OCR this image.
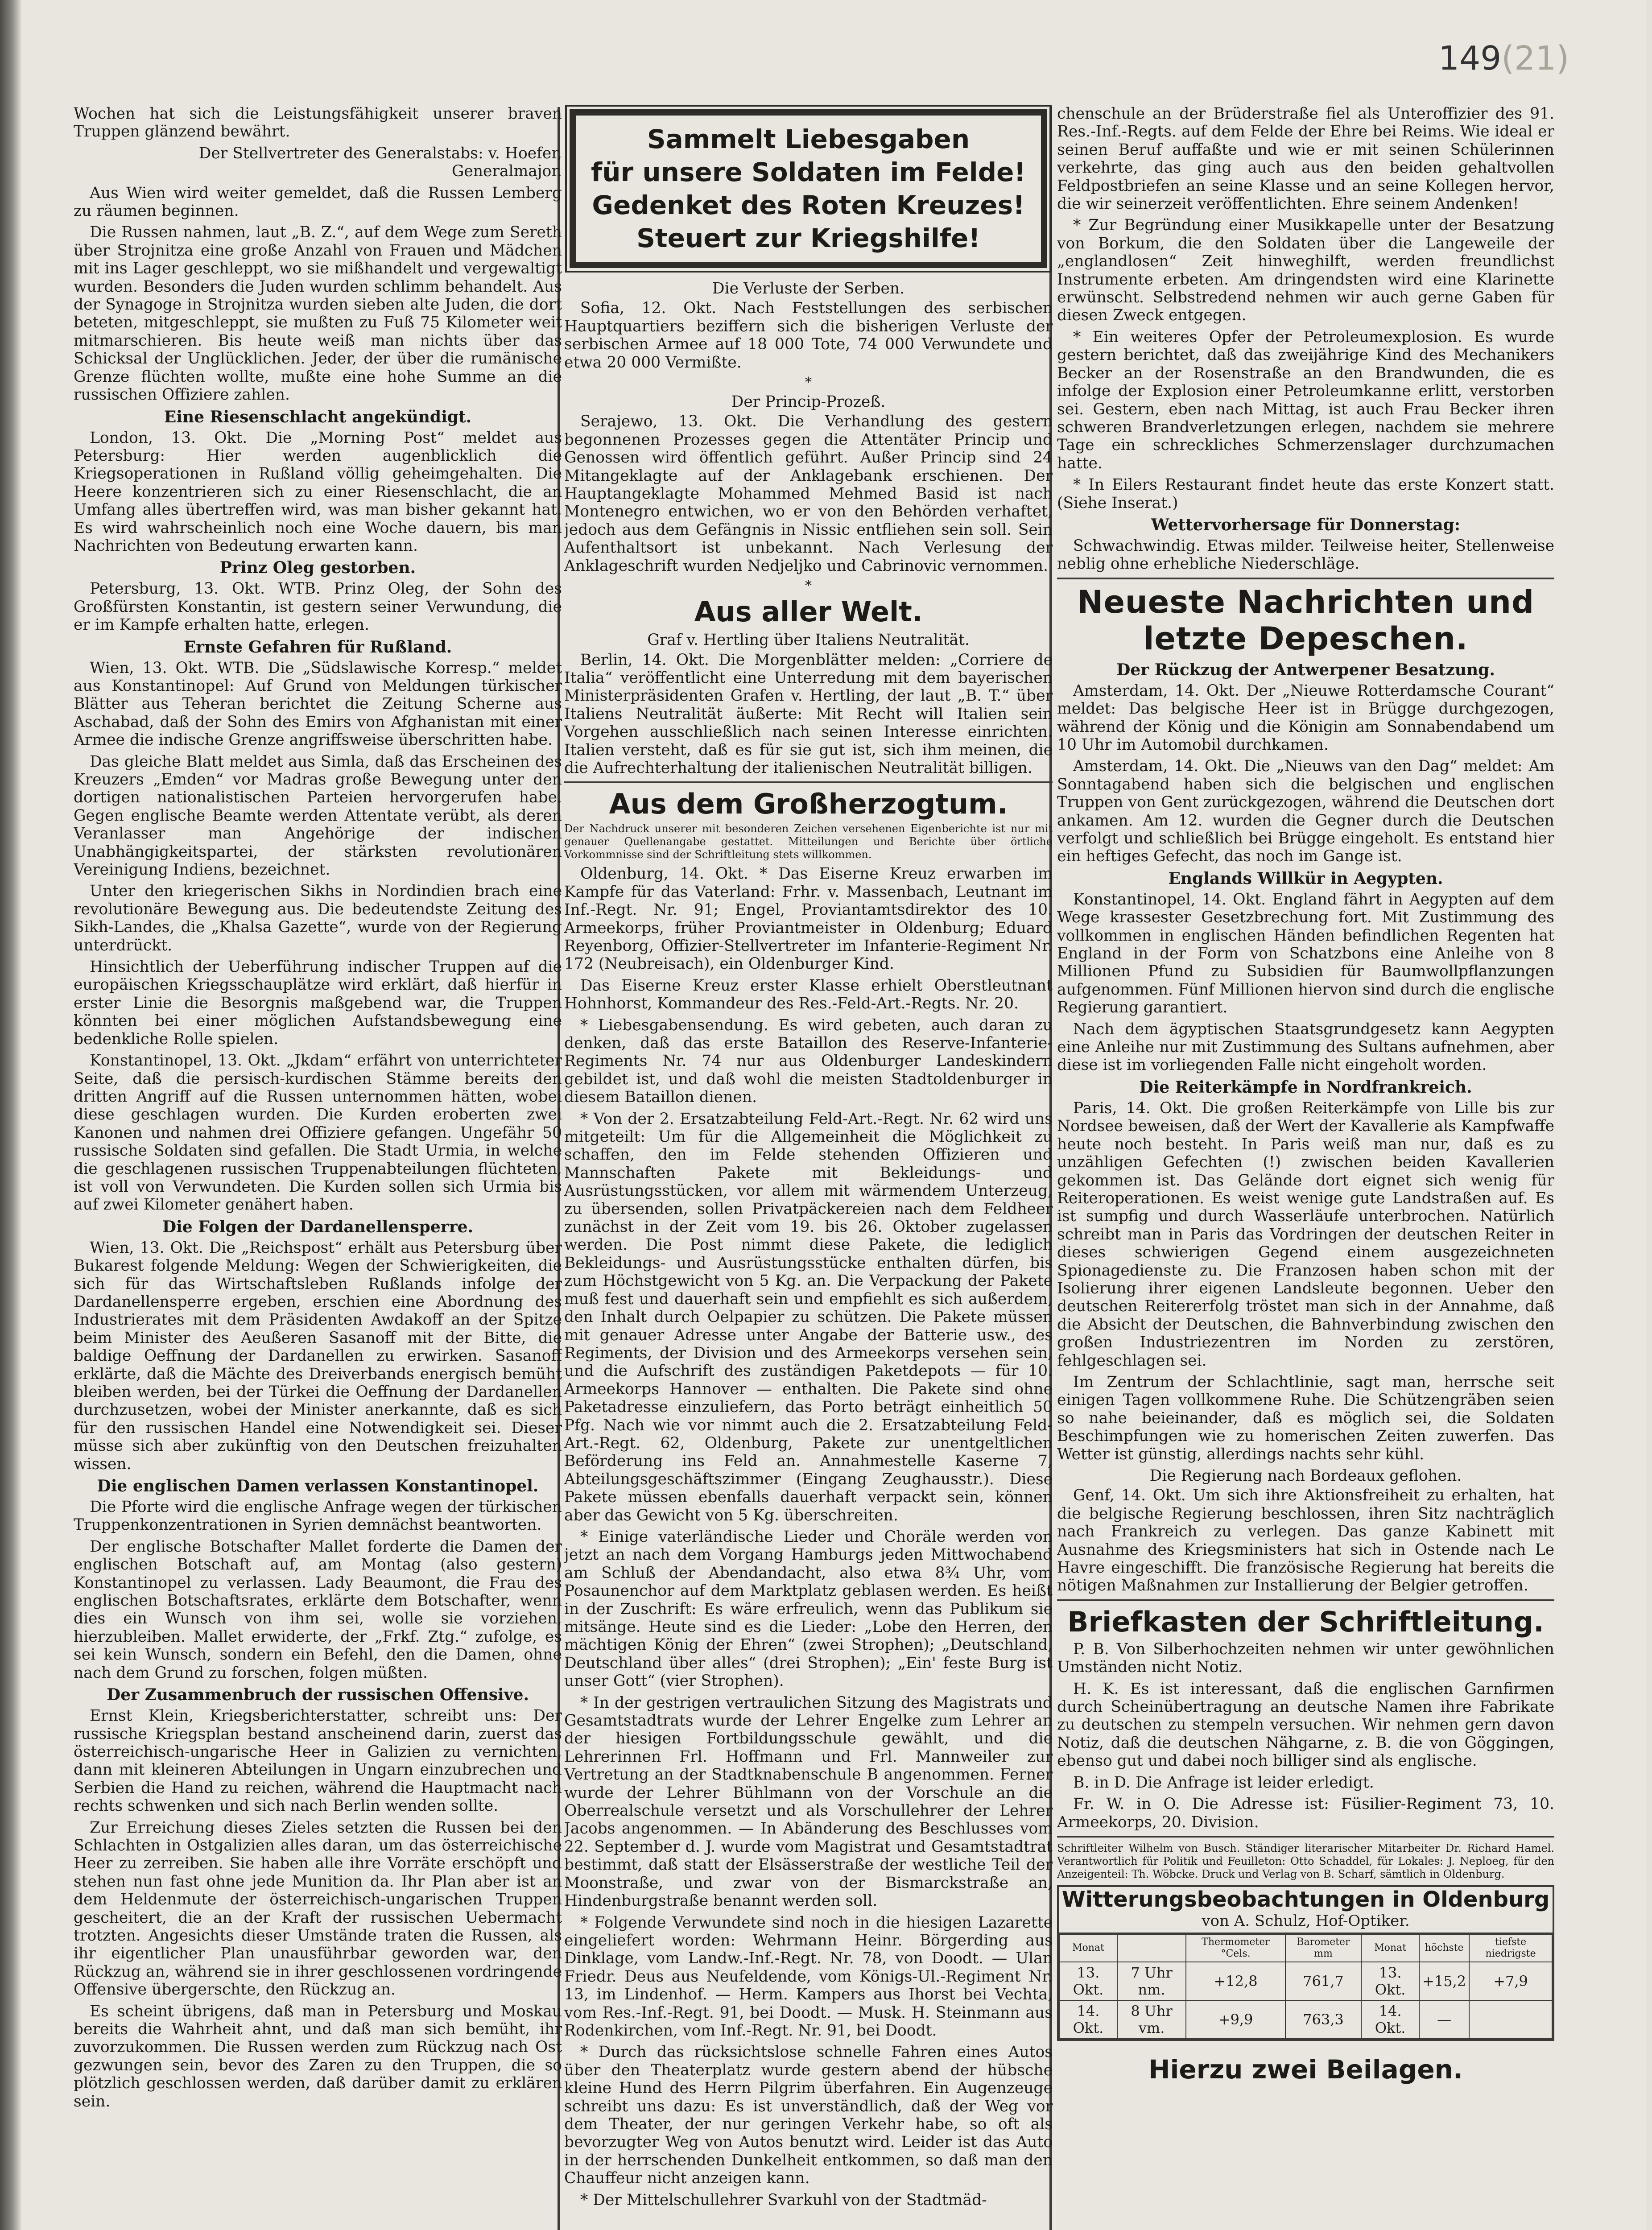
149(21)

Wochen hat sich die Leistungsfähigkeit unserer braven Truppen glänzend bewährt.

Der Stellvertreter des Generalstabs: v. Hoefer, Generalmajor.

Aus Wien wird weiter gemeldet, daß die Russen Lemberg zu räumen beginnen.

Die Russen nahmen, laut „B. Z.“, auf dem Wege zum Sereth über Strojnitza eine große Anzahl von Frauen und Mädchen mit ins Lager geschleppt, wo sie mißhandelt und vergewaltigt wurden. Besonders die Juden wurden schlimm behandelt. Aus der Synagoge in Strojnitza wurden sieben alte Juden, die dort beteten, mitgeschleppt, sie mußten zu Fuß 75 Kilometer weit mitmarschieren. Bis heute weiß man nichts über das Schicksal der Unglücklichen. Jeder, der über die rumänische Grenze flüchten wollte, mußte eine hohe Summe an die russischen Offiziere zahlen.

Eine Riesenschlacht angekündigt.

London, 13. Okt. Die „Morning Post“ meldet aus Petersburg: Hier werden augenblicklich die Kriegsoperationen in Rußland völlig geheimgehalten. Die Heere konzentrieren sich zu einer Riesenschlacht, die an Umfang alles übertreffen wird, was man bisher gekannt hat. Es wird wahrscheinlich noch eine Woche dauern, bis man Nachrichten von Bedeutung erwarten kann.

Prinz Oleg gestorben.

Petersburg, 13. Okt. WTB. Prinz Oleg, der Sohn des Großfürsten Konstantin, ist gestern seiner Verwundung, die er im Kampfe erhalten hatte, erlegen.

Ernste Gefahren für Rußland.

Wien, 13. Okt. WTB. Die „Südslawische Korresp.“ meldet aus Konstantinopel: Auf Grund von Meldungen türkischer Blätter aus Teheran berichtet die Zeitung Scherne aus Aschabad, daß der Sohn des Emirs von Afghanistan mit einer Armee die indische Grenze angriffsweise überschritten habe.

Das gleiche Blatt meldet aus Simla, daß das Erscheinen des Kreuzers „Emden“ vor Madras große Bewegung unter den dortigen nationalistischen Parteien hervorgerufen habe. Gegen englische Beamte werden Attentate verübt, als deren Veranlasser man Angehörige der indischen Unabhängigkeitspartei, der stärksten revolutionären Vereinigung Indiens, bezeichnet.

Unter den kriegerischen Sikhs in Nordindien brach eine revolutionäre Bewegung aus. Die bedeutendste Zeitung des Sikh-Landes, die „Khalsa Gazette“, wurde von der Regierung unterdrückt.

Hinsichtlich der Ueberführung indischer Truppen auf die europäischen Kriegsschauplätze wird erklärt, daß hierfür in erster Linie die Besorgnis maßgebend war, die Truppen könnten bei einer möglichen Aufstandsbewegung eine bedenkliche Rolle spielen.

Konstantinopel, 13. Okt. „Jkdam“ erfährt von unterrichteter Seite, daß die persisch-kurdischen Stämme bereits den dritten Angriff auf die Russen unternommen hätten, wobei diese geschlagen wurden. Die Kurden eroberten zwei Kanonen und nahmen drei Offiziere gefangen. Ungefähr 50 russische Soldaten sind gefallen. Die Stadt Urmia, in welche die geschlagenen russischen Truppenabteilungen flüchteten, ist voll von Verwundeten. Die Kurden sollen sich Urmia bis auf zwei Kilometer genähert haben.

Die Folgen der Dardanellensperre.

Wien, 13. Okt. Die „Reichspost“ erhält aus Petersburg über Bukarest folgende Meldung: Wegen der Schwierigkeiten, die sich für das Wirtschaftsleben Rußlands infolge der Dardanellensperre ergeben, erschien eine Abordnung des Industrierates mit dem Präsidenten Awdakoff an der Spitze beim Minister des Aeußeren Sasanoff mit der Bitte, die baldige Oeffnung der Dardanellen zu erwirken. Sasanoff erklärte, daß die Mächte des Dreiverbands energisch bemüht bleiben werden, bei der Türkei die Oeffnung der Dardanellen durchzusetzen, wobei der Minister anerkannte, daß es sich für den russischen Handel eine Notwendigkeit sei. Dieser müsse sich aber zukünftig von den Deutschen freizuhalten wissen.

Die englischen Damen verlassen Konstantinopel.

Die Pforte wird die englische Anfrage wegen der türkischen Truppenkonzentrationen in Syrien demnächst beantworten.

Der englische Botschafter Mallet forderte die Damen der englischen Botschaft auf, am Montag (also gestern) Konstantinopel zu verlassen. Lady Beaumont, die Frau des englischen Botschaftsrates, erklärte dem Botschafter, wenn dies ein Wunsch von ihm sei, wolle sie vorziehen, hierzubleiben. Mallet erwiderte, der „Frkf. Ztg.“ zufolge, es sei kein Wunsch, sondern ein Befehl, den die Damen, ohne nach dem Grund zu forschen, folgen müßten.

Der Zusammenbruch der russischen Offensive.

Ernst Klein, Kriegsberichterstatter, schreibt uns: Der russische Kriegsplan bestand anscheinend darin, zuerst das österreichisch-ungarische Heer in Galizien zu vernichten, dann mit kleineren Abteilungen in Ungarn einzubrechen und Serbien die Hand zu reichen, während die Hauptmacht nach rechts schwenken und sich nach Berlin wenden sollte.

Zur Erreichung dieses Zieles setzten die Russen bei den Schlachten in Ostgalizien alles daran, um das österreichische Heer zu zerreiben. Sie haben alle ihre Vorräte erschöpft und stehen nun fast ohne jede Munition da. Ihr Plan aber ist an dem Heldenmute der österreichisch-ungarischen Truppen gescheitert, die an der Kraft der russischen Uebermacht trotzten. Angesichts dieser Umstände traten die Russen, als ihr eigentlicher Plan unausführbar geworden war, den Rückzug an, während sie in ihrer geschlossenen vordringende Offensive übergerschte, den Rückzug an.

Es scheint übrigens, daß man in Petersburg und Moskau bereits die Wahrheit ahnt, und daß man sich bemüht, ihr zuvorzukommen. Die Russen werden zum Rückzug nach Ost gezwungen sein, bevor des Zaren zu den Truppen, die so plötzlich geschlossen werden, daß darüber damit zu erklären sein.

Sammelt Liebesgaben
für unsere Soldaten im Felde!
Gedenket des Roten Kreuzes!
Steuert zur Kriegshilfe!
Die Verluste der Serben.

Sofia, 12. Okt. Nach Feststellungen des serbischen Hauptquartiers beziffern sich die bisherigen Verluste der serbischen Armee auf 18 000 Tote, 74 000 Verwundete und etwa 20 000 Vermißte.

*
Der Princip-Prozeß.

Serajewo, 13. Okt. Die Verhandlung des gestern begonnenen Prozesses gegen die Attentäter Princip und Genossen wird öffentlich geführt. Außer Princip sind 24 Mitangeklagte auf der Anklagebank erschienen. Der Hauptangeklagte Mohammed Mehmed Basid ist nach Montenegro entwichen, wo er von den Behörden verhaftet, jedoch aus dem Gefängnis in Nissic entfliehen sein soll. Sein Aufenthaltsort ist unbekannt. Nach Verlesung der Anklageschrift wurden Nedjeljko und Cabrinovic vernommen.

*
Aus aller Welt.
Graf v. Hertling über Italiens Neutralität.

Berlin, 14. Okt. Die Morgenblätter melden: „Corriere de Italia“ veröffentlicht eine Unterredung mit dem bayerischen Ministerpräsidenten Grafen v. Hertling, der laut „B. T.“ über Italiens Neutralität äußerte: Mit Recht will Italien sein Vorgehen ausschließlich nach seinen Interesse einrichten. Italien versteht, daß es für sie gut ist, sich ihm meinen, die die Aufrechterhaltung der italienischen Neutralität billigen.

Aus dem Großherzogtum.
Der Nachdruck unserer mit besonderen Zeichen versehenen Eigenberichte ist nur mit genauer Quellenangabe gestattet. Mitteilungen und Berichte über örtliche Vorkommnisse sind der Schriftleitung stets willkommen.

Oldenburg, 14. Okt. * Das Eiserne Kreuz erwarben im Kampfe für das Vaterland: Frhr. v. Massenbach, Leutnant im Inf.-Regt. Nr. 91; Engel, Proviantamtsdirektor des 10. Armeekorps, früher Proviantmeister in Oldenburg; Eduard Reyenborg, Offizier-Stellvertreter im Infanterie-Regiment Nr. 172 (Neubreisach), ein Oldenburger Kind.

Das Eiserne Kreuz erster Klasse erhielt Oberstleutnant Hohnhorst, Kommandeur des Res.-Feld-Art.-Regts. Nr. 20.

* Liebesgabensendung. Es wird gebeten, auch daran zu denken, daß das erste Bataillon des Reserve-Infanterie-Regiments Nr. 74 nur aus Oldenburger Landeskindern gebildet ist, und daß wohl die meisten Stadtoldenburger in diesem Bataillon dienen.

* Von der 2. Ersatzabteilung Feld-Art.-Regt. Nr. 62 wird uns mitgeteilt: Um für die Allgemeinheit die Möglichkeit zu schaffen, den im Felde stehenden Offizieren und Mannschaften Pakete mit Bekleidungs- und Ausrüstungsstücken, vor allem mit wärmendem Unterzeug, zu übersenden, sollen Privatpäckereien nach dem Feldheer zunächst in der Zeit vom 19. bis 26. Oktober zugelassen werden. Die Post nimmt diese Pakete, die lediglich Bekleidungs- und Ausrüstungsstücke enthalten dürfen, bis zum Höchstgewicht von 5 Kg. an. Die Verpackung der Pakete muß fest und dauerhaft sein und empfiehlt es sich außerdem, den Inhalt durch Oelpapier zu schützen. Die Pakete müssen mit genauer Adresse unter Angabe der Batterie usw., des Regiments, der Division und des Armeekorps versehen sein, und die Aufschrift des zuständigen Paketdepots — für 10. Armeekorps Hannover — enthalten. Die Pakete sind ohne Paketadresse einzuliefern, das Porto beträgt einheitlich 50 Pfg. Nach wie vor nimmt auch die 2. Ersatzabteilung Feld-Art.-Regt. 62, Oldenburg, Pakete zur unentgeltlichen Beförderung ins Feld an. Annahmestelle Kaserne 7, Abteilungsgeschäftszimmer (Eingang Zeughausstr.). Diese Pakete müssen ebenfalls dauerhaft verpackt sein, können aber das Gewicht von 5 Kg. überschreiten.

* Einige vaterländische Lieder und Choräle werden von jetzt an nach dem Vorgang Hamburgs jeden Mittwochabend am Schluß der Abendandacht, also etwa 8¾ Uhr, vom Posaunenchor auf dem Marktplatz geblasen werden. Es heißt in der Zuschrift: Es wäre erfreulich, wenn das Publikum sie mitsänge. Heute sind es die Lieder: „Lobe den Herren, den mächtigen König der Ehren“ (zwei Strophen); „Deutschland, Deutschland über alles“ (drei Strophen); „Ein' feste Burg ist unser Gott“ (vier Strophen).

* In der gestrigen vertraulichen Sitzung des Magistrats und Gesamtstadtrats wurde der Lehrer Engelke zum Lehrer an der hiesigen Fortbildungsschule gewählt, und die Lehrerinnen Frl. Hoffmann und Frl. Mannweiler zur Vertretung an der Stadtknabenschule B angenommen. Ferner wurde der Lehrer Bühlmann von der Vorschule an die Oberrealschule versetzt und als Vorschullehrer der Lehrer Jacobs angenommen. — In Abänderung des Beschlusses vom 22. September d. J. wurde vom Magistrat und Gesamtstadtrat bestimmt, daß statt der Elsässerstraße der westliche Teil der Moonstraße, und zwar von der Bismarckstraße an, Hindenburgstraße benannt werden soll.

* Folgende Verwundete sind noch in die hiesigen Lazarette eingeliefert worden: Wehrmann Heinr. Börgerding aus Dinklage, vom Landw.-Inf.-Regt. Nr. 78, von Doodt. — Ulan Friedr. Deus aus Neufeldende, vom Königs-Ul.-Regiment Nr. 13, im Lindenhof. — Herm. Kampers aus Ihorst bei Vechta, vom Res.-Inf.-Regt. 91, bei Doodt. — Musk. H. Steinmann aus Rodenkirchen, vom Inf.-Regt. Nr. 91, bei Doodt.

* Durch das rücksichtslose schnelle Fahren eines Autos über den Theaterplatz wurde gestern abend der hübsche kleine Hund des Herrn Pilgrim überfahren. Ein Augenzeuge schreibt uns dazu: Es ist unverständlich, daß der Weg vor dem Theater, der nur geringen Verkehr habe, so oft als bevorzugter Weg von Autos benutzt wird. Leider ist das Auto in der herrschenden Dunkelheit entkommen, so daß man den Chauffeur nicht anzeigen kann.

* Der Mittelschullehrer Svarkuhl von der Stadtmäd-

chenschule an der Brüderstraße fiel als Unteroffizier des 91. Res.-Inf.-Regts. auf dem Felde der Ehre bei Reims. Wie ideal er seinen Beruf auffaßte und wie er mit seinen Schülerinnen verkehrte, das ging auch aus den beiden gehaltvollen Feldpostbriefen an seine Klasse und an seine Kollegen hervor, die wir seinerzeit veröffentlichten. Ehre seinem Andenken!

* Zur Begründung einer Musikkapelle unter der Besatzung von Borkum, die den Soldaten über die Langeweile der „englandlosen“ Zeit hinweghilft, werden freundlichst Instrumente erbeten. Am dringendsten wird eine Klarinette erwünscht. Selbstredend nehmen wir auch gerne Gaben für diesen Zweck entgegen.

* Ein weiteres Opfer der Petroleumexplosion. Es wurde gestern berichtet, daß das zweijährige Kind des Mechanikers Becker an der Rosenstraße an den Brandwunden, die es infolge der Explosion einer Petroleumkanne erlitt, verstorben sei. Gestern, eben nach Mittag, ist auch Frau Becker ihren schweren Brandverletzungen erlegen, nachdem sie mehrere Tage ein schreckliches Schmerzenslager durchzumachen hatte.

* In Eilers Restaurant findet heute das erste Konzert statt. (Siehe Inserat.)

Wettervorhersage für Donnerstag:

Schwachwindig. Etwas milder. Teilweise heiter, Stellenweise neblig ohne erhebliche Niederschläge.

Neueste Nachrichten und letzte Depeschen.
Der Rückzug der Antwerpener Besatzung.

Amsterdam, 14. Okt. Der „Nieuwe Rotterdamsche Courant“ meldet: Das belgische Heer ist in Brügge durchgezogen, während der König und die Königin am Sonnabendabend um 10 Uhr im Automobil durchkamen.

Amsterdam, 14. Okt. Die „Nieuws van den Dag“ meldet: Am Sonntagabend haben sich die belgischen und englischen Truppen von Gent zurückgezogen, während die Deutschen dort ankamen. Am 12. wurden die Gegner durch die Deutschen verfolgt und schließlich bei Brügge eingeholt. Es entstand hier ein heftiges Gefecht, das noch im Gange ist.

Englands Willkür in Aegypten.

Konstantinopel, 14. Okt. England fährt in Aegypten auf dem Wege krassester Gesetzbrechung fort. Mit Zustimmung des vollkommen in englischen Händen befindlichen Regenten hat England in der Form von Schatzbons eine Anleihe von 8 Millionen Pfund zu Subsidien für Baumwollpflanzungen aufgenommen. Fünf Millionen hiervon sind durch die englische Regierung garantiert.

Nach dem ägyptischen Staatsgrundgesetz kann Aegypten eine Anleihe nur mit Zustimmung des Sultans aufnehmen, aber diese ist im vorliegenden Falle nicht eingeholt worden.

Die Reiterkämpfe in Nordfrankreich.

Paris, 14. Okt. Die großen Reiterkämpfe von Lille bis zur Nordsee beweisen, daß der Wert der Kavallerie als Kampfwaffe heute noch besteht. In Paris weiß man nur, daß es zu unzähligen Gefechten (!) zwischen beiden Kavallerien gekommen ist. Das Gelände dort eignet sich wenig für Reiteroperationen. Es weist wenige gute Landstraßen auf. Es ist sumpfig und durch Wasserläufe unterbrochen. Natürlich schreibt man in Paris das Vordringen der deutschen Reiter in dieses schwierigen Gegend einem ausgezeichneten Spionagedienste zu. Die Franzosen haben schon mit der Isolierung ihrer eigenen Landsleute begonnen. Ueber den deutschen Reitererfolg tröstet man sich in der Annahme, daß die Absicht der Deutschen, die Bahnverbindung zwischen den großen Industriezentren im Norden zu zerstören, fehlgeschlagen sei.

Im Zentrum der Schlachtlinie, sagt man, herrsche seit einigen Tagen vollkommene Ruhe. Die Schützengräben seien so nahe beieinander, daß es möglich sei, die Soldaten Beschimpfungen wie zu homerischen Zeiten zuwerfen. Das Wetter ist günstig, allerdings nachts sehr kühl.

Die Regierung nach Bordeaux geflohen.

Genf, 14. Okt. Um sich ihre Aktionsfreiheit zu erhalten, hat die belgische Regierung beschlossen, ihren Sitz nachträglich nach Frankreich zu verlegen. Das ganze Kabinett mit Ausnahme des Kriegsministers hat sich in Ostende nach Le Havre eingeschifft. Die französische Regierung hat bereits die nötigen Maßnahmen zur Installierung der Belgier getroffen.

Briefkasten der Schriftleitung.

P. B. Von Silberhochzeiten nehmen wir unter gewöhnlichen Umständen nicht Notiz.

H. K. Es ist interessant, daß die englischen Garnfirmen durch Scheinübertragung an deutsche Namen ihre Fabrikate zu deutschen zu stempeln versuchen. Wir nehmen gern davon Notiz, daß die deutschen Nähgarne, z. B. die von Göggingen, ebenso gut und dabei noch billiger sind als englische.

B. in D. Die Anfrage ist leider erledigt.

Fr. W. in O. Die Adresse ist: Füsilier-Regiment 73, 10. Armeekorps, 20. Division.

Schriftleiter Wilhelm von Busch. Ständiger literarischer Mitarbeiter Dr. Richard Hamel. Verantwortlich für Politik und Feuilleton: Otto Schaddel, für Lokales: J. Neploeg, für den Anzeigenteil: Th. Wöbcke. Druck und Verlag von B. Scharf, sämtlich in Oldenburg.
Witterungsbeobachtungen in Oldenburg
von A. Schulz, Hof-Optiker.
Monat		Thermometer °Cels.	Barometer mm	Monat	höchste	tiefste niedrigste
13. Okt.	7 Uhr nm.	+12,8	761,7	13. Okt.	+15,2	+7,9
14. Okt.	8 Uhr vm.	+9,9	763,3	14. Okt.	—	
Hierzu zwei Beilagen.
